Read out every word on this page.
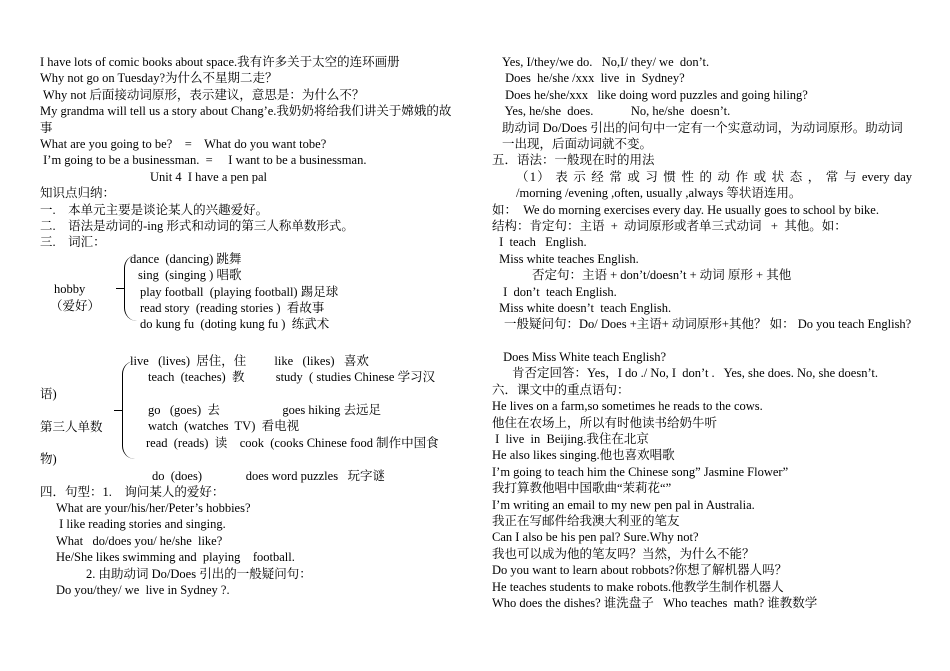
I have lots of comic books about space.我有许多关于太空的连环画册
Why not go on Tuesday?为什么不星期二走？
Why not 后面接动词原形，表示建议，意思是：为什么不？
My grandma will tell us a story about Chang’e.我奶奶将给我们讲关于嫦娥的故事
What are you going to be?    =    What do you want tobe?
I’m going to be a businessman.  =     I want to be a businessman.
Unit 4  I have a pen pal
知识点归纳：
一.    本单元主要是谈论某人的兴趣爱好。
二.    语法是动词的-ing 形式和动词的第三人称单数形式。
三.    词汇：
hobby
（爱好）
dance  (dancing) 跳舞
sing  (singing ) 唱歌
play football  (playing football) 踢足球
read story  (reading stories )  看故事
do kung fu  (doting kung fu )  练武术
第三人单数
live   (lives)  居住，住         like   (likes)   喜欢
teach  (teaches)  教          study  ( studies Chinese 学习汉
语)
go   (goes)  去                    goes hiking 去远足
watch  (watches  TV)  看电视
read  (reads)  读    cook  (cooks Chinese food 制作中国食
物)
do  (does)              does word puzzles   玩字谜
四．句型：1.    询问某人的爱好：
What are your/his/her/Peter’s hobbies?
I like reading stories and singing.
What   do/does you/ he/she  like?
He/She likes swimming and  playing    football.
2. 由助动词 Do/Does 引出的一般疑问句：
Do you/they/ we  live in Sydney ?.
Yes, I/they/we do.   No,I/ they/ we  don’t.
Does  he/she /xxx  live  in  Sydney?
Does he/she/xxx   like doing word puzzles and going hiling?
Yes, he/she  does.            No, he/she  doesn’t.
助动词 Do/Does 引出的问句中一定有一个实意动词，为动词原形。助动词一出现，后面动词就不变。
五．语法：一般现在时的用法
（1） 表 示 经 常 或 习 惯 性 的 动 作 或 状 态 ， 常 与 every day /morning /evening ,often, usually ,always 等状语连用。
如：  We do morning exercises every day. He usually goes to school by bike.
结构：肯定句：主语  +  动词原形或者单三式动词   +  其他。如：
I  teach   English.
Miss white teaches English.
否定句：主语 + don’t/doesn’t + 动词 原形 + 其他
I  don’t  teach English.
Miss white doesn’t  teach English.
一般疑问句：Do/ Does +主语+ 动词原形+其他？ 如： Do you teach English?
Does Miss White teach English?
肯否定回答：Yes，I do ./ No, I  don’t .   Yes, she does. No, she doesn’t.
六．课文中的重点语句：
He lives on a farm,so sometimes he reads to the cows.
他住在农场上，所以有时他读书给奶牛听
I  live  in  Beijing.我住在北京
He also likes singing.他也喜欢唱歌
I’m going to teach him the Chinese song” Jasmine Flower”
我打算教他唱中国歌曲“茉莉花“”
I’m writing an email to my new pen pal in Australia.
我正在写邮件给我澳大利亚的笔友
Can I also be his pen pal? Sure.Why not?
我也可以成为他的笔友吗？当然，为什么不能？
Do you want to learn about robbots?你想了解机器人吗？
He teaches students to make robots.他教学生制作机器人
Who does the dishes? 谁洗盘子   Who teaches  math? 谁教数学
